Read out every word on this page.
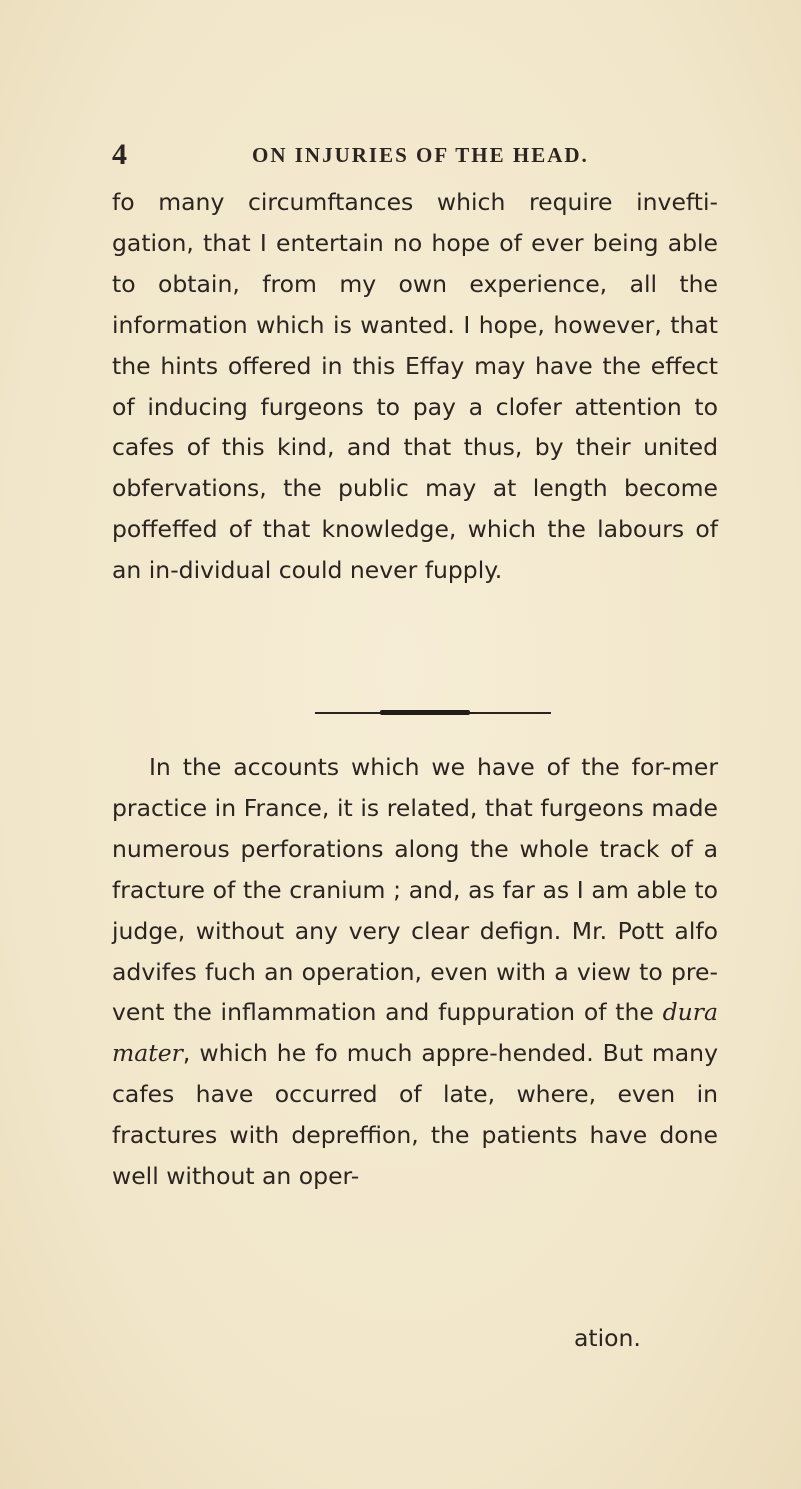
4	ON INJURIES OF THE HEAD.

fo many circumftances which require invefti-gation, that I entertain no hope of ever being able to obtain, from my own experience, all the information which is wanted. I hope, however, that the hints offered in this Effay may have the effect of inducing furgeons to pay a clofer attention to cafes of this kind, and that thus, by their united obfervations, the public may at length become poffeffed of that knowledge, which the labours of an in-dividual could never fupply.

In the accounts which we have of the for-mer practice in France, it is related, that furgeons made numerous perforations along the whole track of a fracture of the cranium ; and, as far as I am able to judge, without any very clear defign. Mr. Pott alfo advifes fuch an operation, even with a view to pre-vent the inflammation and fuppuration of the dura mater, which he fo much appre-hended. But many cafes have occurred of late, where, even in fractures with depreffion, the patients have done well without an oper-

ation.
